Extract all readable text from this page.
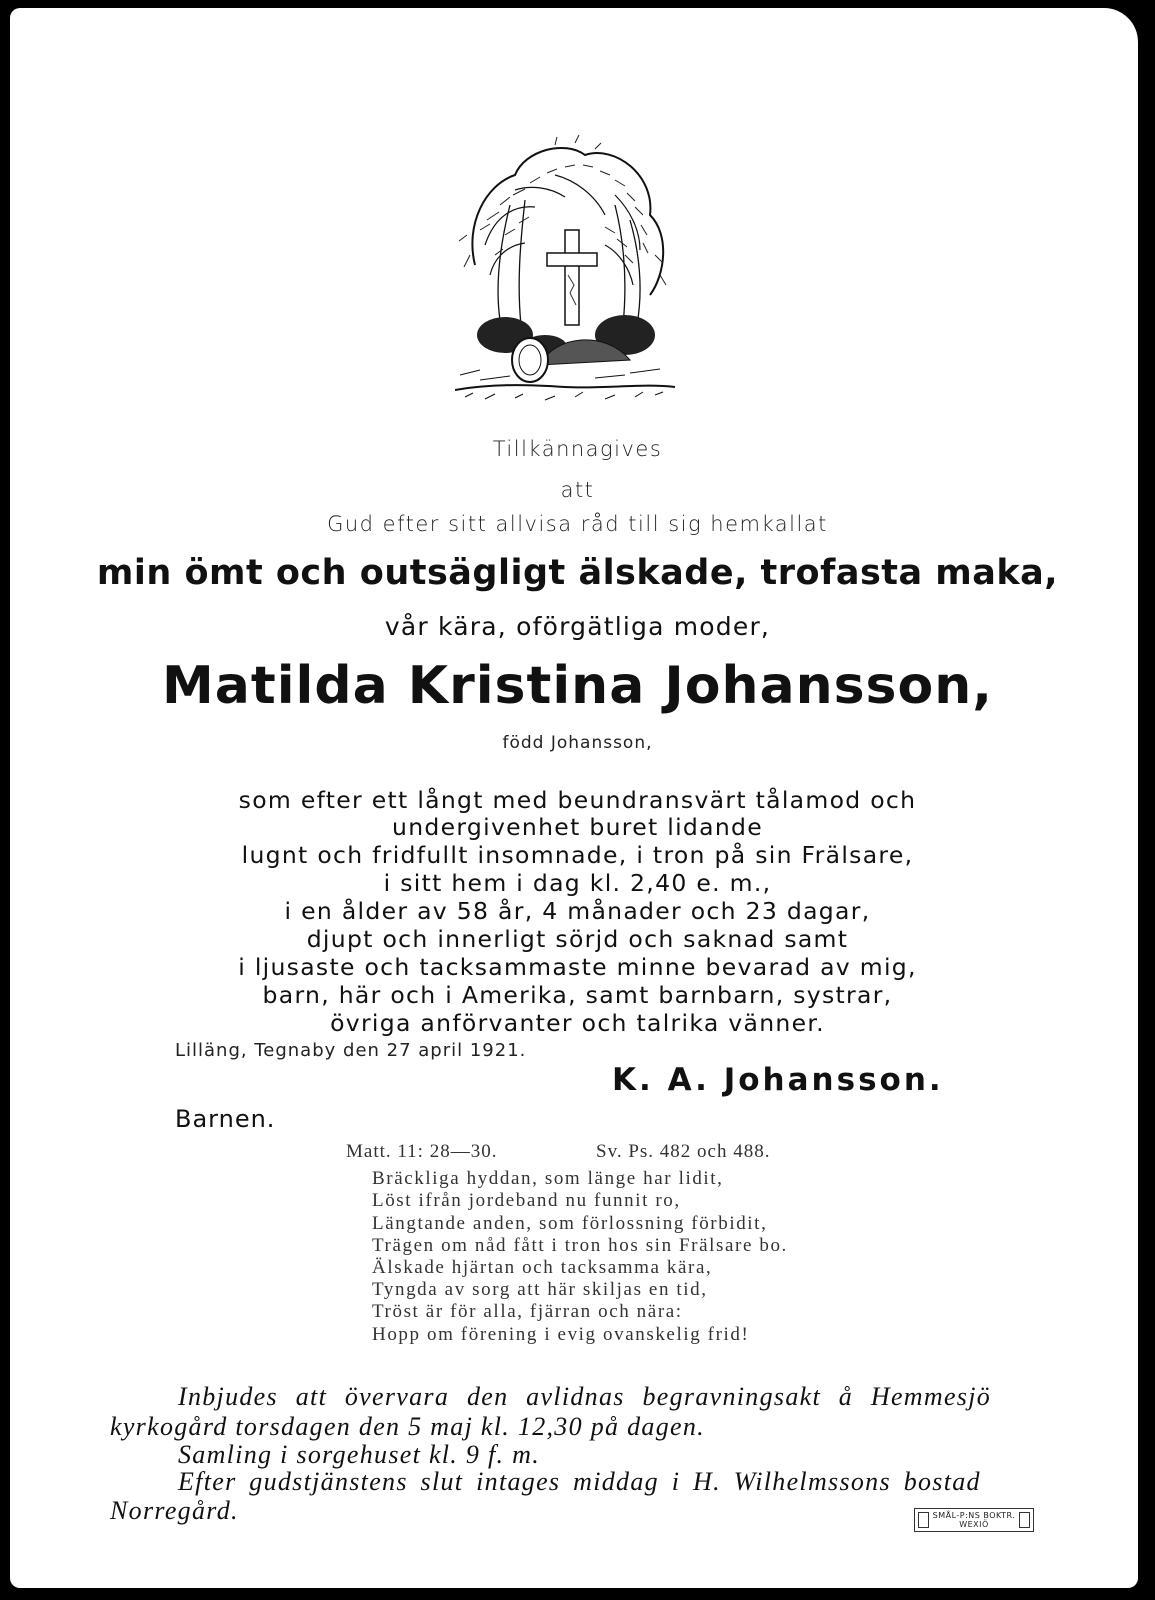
Tillkännagives
att
Gud efter sitt allvisa råd till sig hemkallat
min ömt och outsägligt älskade, trofasta maka,
vår kära, oförgätliga moder,
Matilda Kristina Johansson,
född Johansson,
som efter ett långt med beundransvärt tålamod och
undergivenhet buret lidande
lugnt och fridfullt insomnade, i tron på sin Frälsare,
i sitt hem i dag kl. 2,40 e. m.,
i en ålder av 58 år, 4 månader och 23 dagar,
djupt och innerligt sörjd och saknad samt
i ljusaste och tacksammaste minne bevarad av mig,
barn, här och i Amerika, samt barnbarn, systrar,
övriga anförvanter och talrika vänner.
Lilläng, Tegnaby den 27 april 1921.
K. A. Johansson.
Barnen.
Matt. 11: 28—30.	Sv. Ps. 482 och 488.
Bräckliga hyddan, som länge har lidit,
Löst ifrån jordeband nu funnit ro,
Längtande anden, som förlossning förbidit,
Trägen om nåd fått i tron hos sin Frälsare bo.
Älskade hjärtan och tacksamma kära,
Tyngda av sorg att här skiljas en tid,
Tröst är för alla, fjärran och nära:
Hopp om förening i evig ovanskelig frid!
Inbjudes att övervara den avlidnas begravningsakt å Hemmesjö
kyrkogård torsdagen den 5 maj kl. 12,30 på dagen.
Samling i sorgehuset kl. 9 f. m.
Efter gudstjänstens slut intages middag i H. Wilhelmssons bostad
Norregård.	SMÅL-P:NS BOKTR.
WEXIÖ
